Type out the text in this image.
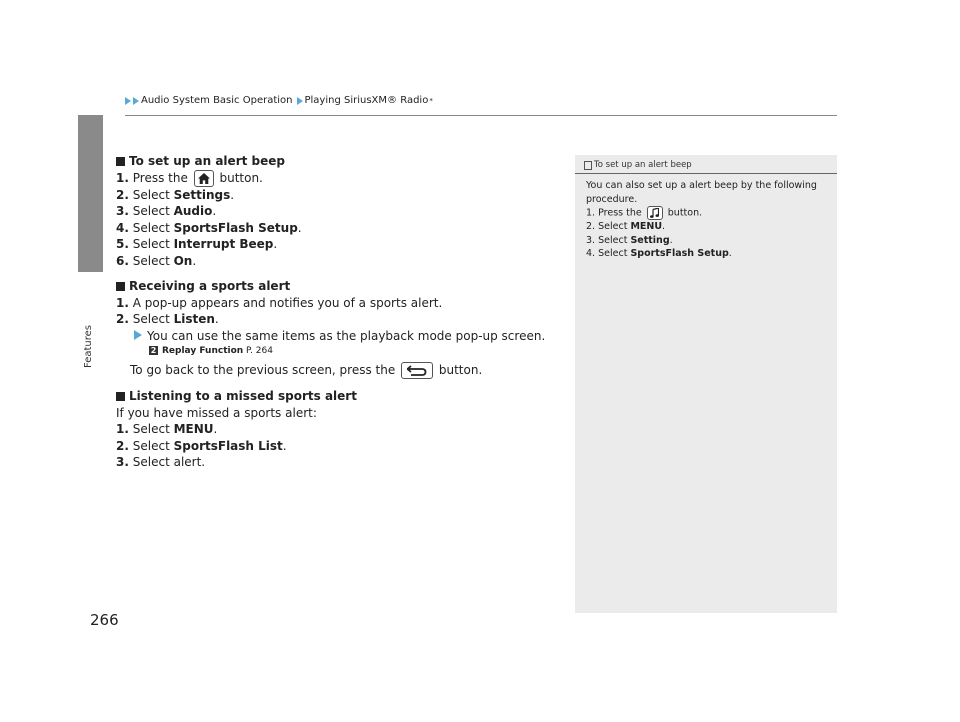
Audio System Basic Operation Playing SiriusXM® Radio *
Features

To set up an alert beep

1. Press the
button.

2. Select Settings.

3. Select Audio.

4. Select SportsFlash Setup.

5. Select Interrupt Beep.

6. Select On.

Receiving a sports alert

1. A pop-up appears and notifies you of a sports alert.

2. Select Listen.

You can use the same items as the playback mode pop-up screen.

2 Replay Function P. 264

To go back to the previous screen, press the	button.

Listening to a missed sports alert

If you have missed a sports alert:

1. Select MENU.

2. Select SportsFlash List.

3. Select alert.

To set up an alert beep

You can also set up a alert beep by the following procedure.

1. Press the
button.

2. Select MENU.

3. Select Setting.

4. Select SportsFlash Setup.

266
